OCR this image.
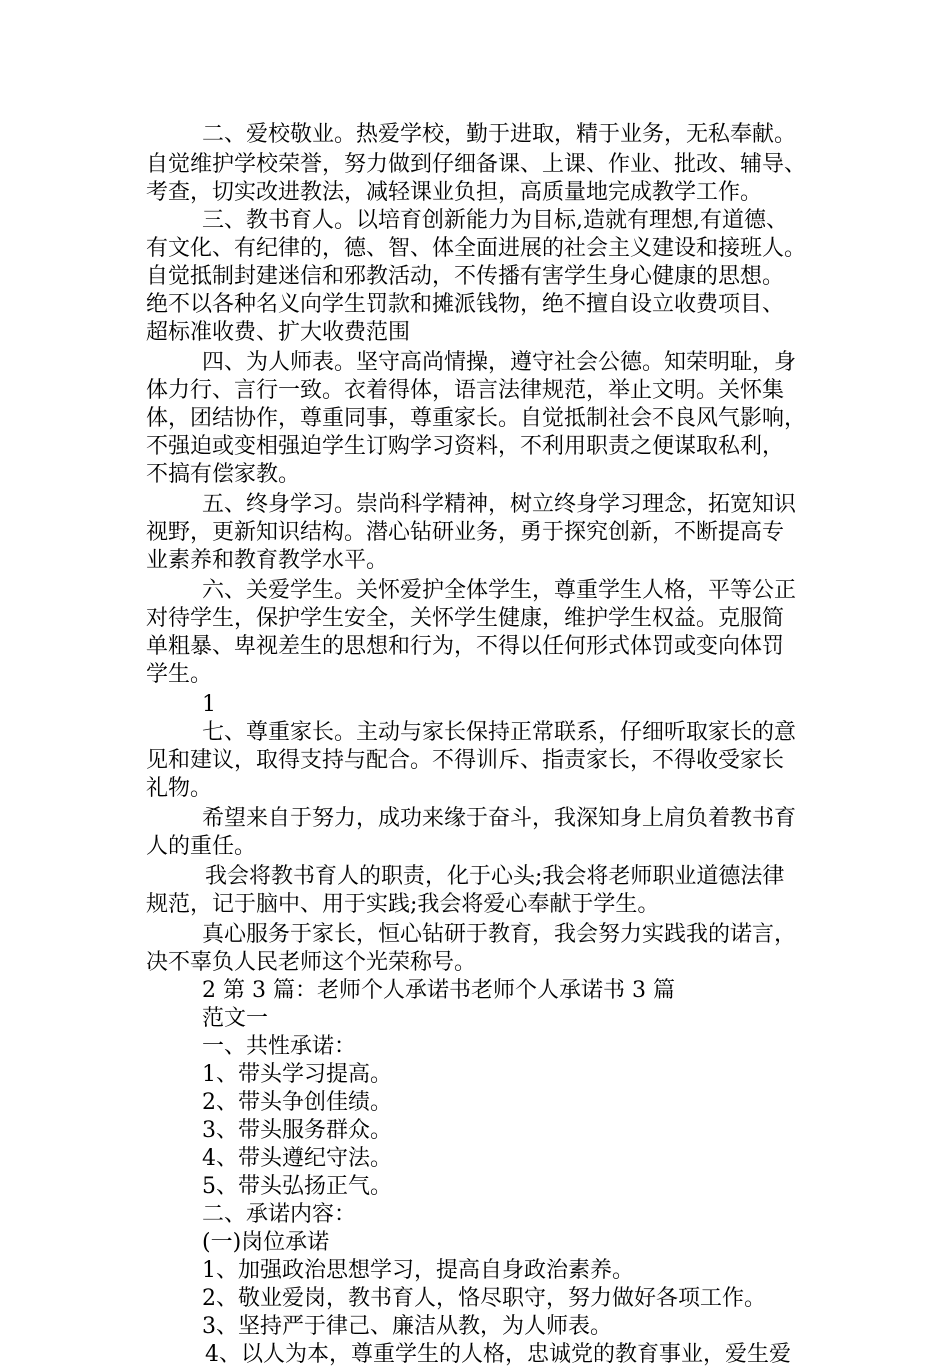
二、爱校敬业。热爱学校，勤于进取，精于业务，无私奉献。
自觉维护学校荣誉，努力做到仔细备课、上课、作业、批改、辅导、
考查，切实改进教法，减轻课业负担，高质量地完成教学工作。
三、教书育人。以培育创新能力为目标,造就有理想,有道德、
有文化、有纪律的，德、智、体全面进展的社会主义建设和接班人。
自觉抵制封建迷信和邪教活动，不传播有害学生身心健康的思想。
绝不以各种名义向学生罚款和摊派钱物，绝不擅自设立收费项目、
超标准收费、扩大收费范围
四、为人师表。坚守高尚情操，遵守社会公德。知荣明耻，身
体力行、言行一致。衣着得体，语言法律规范，举止文明。关怀集
体，团结协作，尊重同事，尊重家长。自觉抵制社会不良风气影响，
不强迫或变相强迫学生订购学习资料，不利用职责之便谋取私利，
不搞有偿家教。
五、终身学习。崇尚科学精神，树立终身学习理念，拓宽知识
视野，更新知识结构。潜心钻研业务，勇于探究创新，不断提高专
业素养和教育教学水平。
六、关爱学生。关怀爱护全体学生，尊重学生人格，平等公正
对待学生，保护学生安全，关怀学生健康，维护学生权益。克服简
单粗暴、卑视差生的思想和行为，不得以任何形式体罚或变向体罚
学生。
1
七、尊重家长。主动与家长保持正常联系，仔细听取家长的意
见和建议，取得支持与配合。不得训斥、指责家长，不得收受家长
礼物。
希望来自于努力，成功来缘于奋斗，我深知身上肩负着教书育
人的重任。
我会将教书育人的职责，化于心头;我会将老师职业道德法律
规范，记于脑中、用于实践;我会将爱心奉献于学生。
真心服务于家长，恒心钻研于教育，我会努力实践我的诺言，
决不辜负人民老师这个光荣称号。
2 第 3 篇：老师个人承诺书老师个人承诺书 3 篇
范文一
一、共性承诺：
1、带头学习提高。
2、带头争创佳绩。
3、带头服务群众。
4、带头遵纪守法。
5、带头弘扬正气。
二、承诺内容：
(一)岗位承诺
1、加强政治思想学习，提高自身政治素养。
2、敬业爱岗，教书育人，恪尽职守，努力做好各项工作。
3、坚持严于律己、廉洁从教，为人师表。
4、以人为本，尊重学生的人格，忠诚党的教育事业，爱生爱
